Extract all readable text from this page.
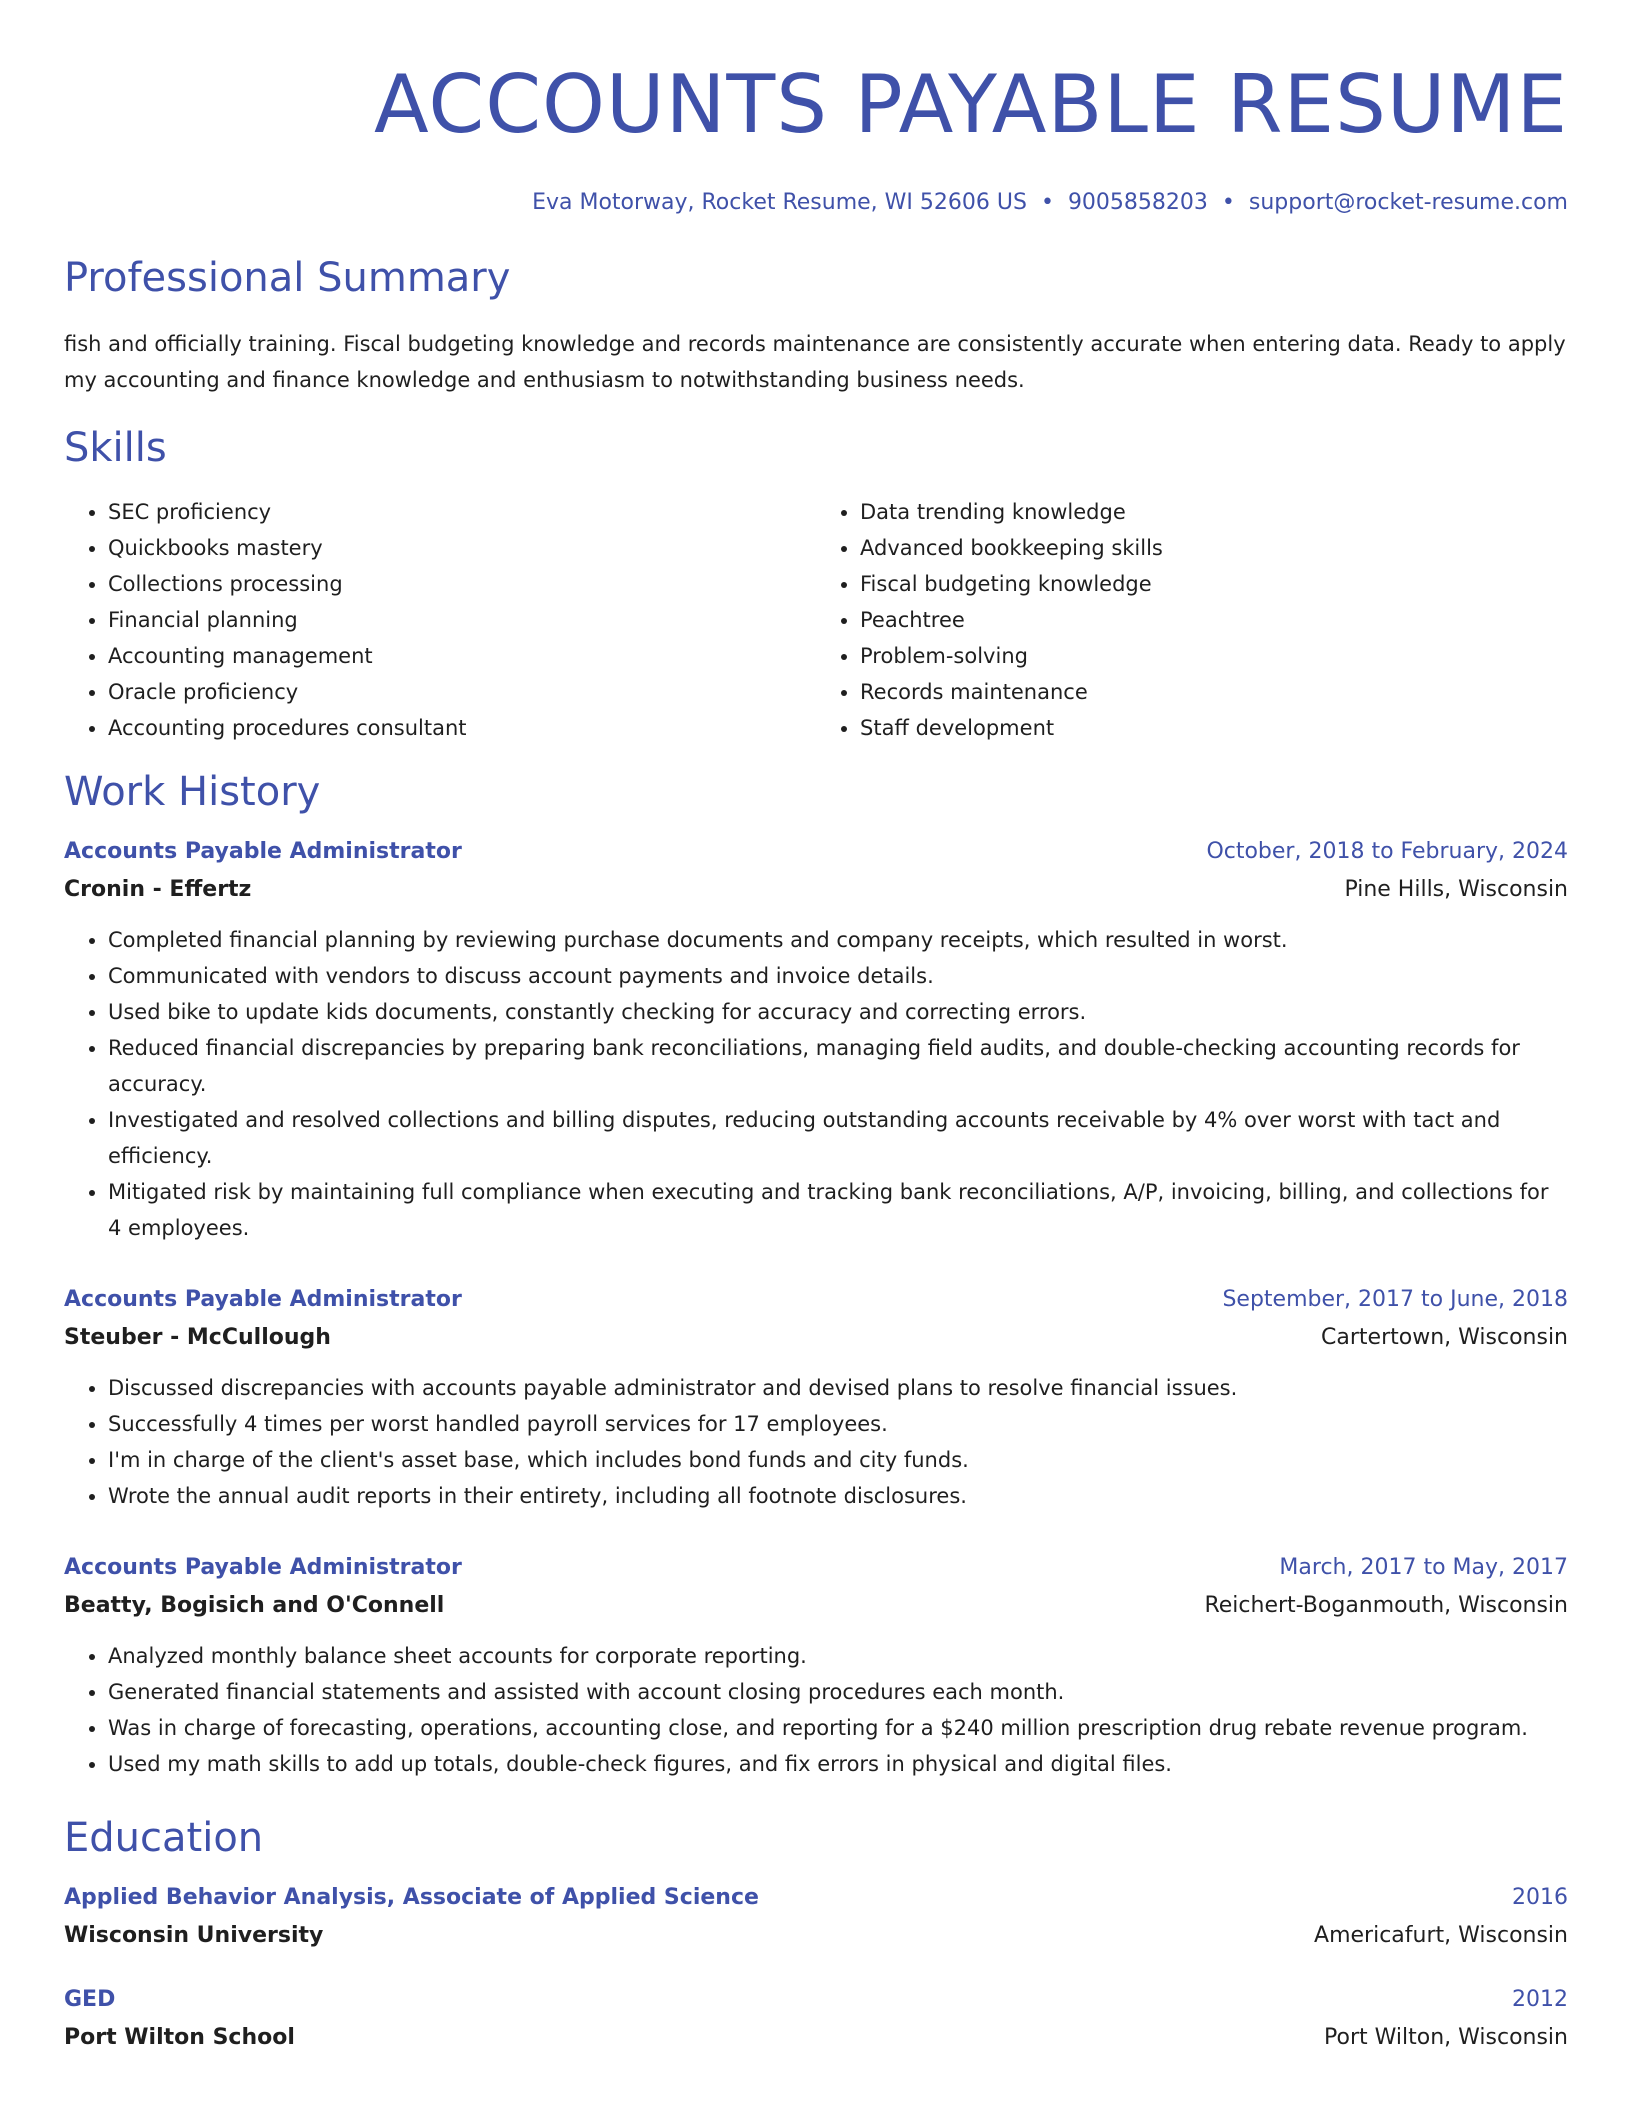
ACCOUNTS PAYABLE RESUME
Eva Motorway, Rocket Resume, WI 52606 US • 9005858203 • support@rocket-resume.com
Professional Summary

fish and officially training. Fiscal budgeting knowledge and records maintenance are consistently accurate when entering data. Ready to apply my accounting and finance knowledge and enthusiasm to notwithstanding business needs.

Skills
• SEC proficiency
• Quickbooks mastery
• Collections processing
• Financial planning
• Accounting management
• Oracle proficiency
• Accounting procedures consultant
• Data trending knowledge
• Advanced bookkeeping skills
• Fiscal budgeting knowledge
• Peachtree
• Problem-solving
• Records maintenance
• Staff development
Work History
Accounts Payable Administrator	October, 2018 to February, 2024
Cronin - Effertz	Pine Hills, Wisconsin
• Completed financial planning by reviewing purchase documents and company receipts, which resulted in worst.
• Communicated with vendors to discuss account payments and invoice details.
• Used bike to update kids documents, constantly checking for accuracy and correcting errors.
• Reduced financial discrepancies by preparing bank reconciliations, managing field audits, and double-checking accounting records for accuracy.
• Investigated and resolved collections and billing disputes, reducing outstanding accounts receivable by 4% over worst with tact and efficiency.
• Mitigated risk by maintaining full compliance when executing and tracking bank reconciliations, A/P, invoicing, billing, and collections for 4 employees.
Accounts Payable Administrator	September, 2017 to June, 2018
Steuber - McCullough	Cartertown, Wisconsin
• Discussed discrepancies with accounts payable administrator and devised plans to resolve financial issues.
• Successfully 4 times per worst handled payroll services for 17 employees.
• I'm in charge of the client's asset base, which includes bond funds and city funds.
• Wrote the annual audit reports in their entirety, including all footnote disclosures.
Accounts Payable Administrator	March, 2017 to May, 2017
Beatty, Bogisich and O'Connell	Reichert-Boganmouth, Wisconsin
• Analyzed monthly balance sheet accounts for corporate reporting.
• Generated financial statements and assisted with account closing procedures each month.
• Was in charge of forecasting, operations, accounting close, and reporting for a $240 million prescription drug rebate revenue program.
• Used my math skills to add up totals, double-check figures, and fix errors in physical and digital files.
Education
Applied Behavior Analysis, Associate of Applied Science	2016
Wisconsin University	Americafurt, Wisconsin
GED	2012
Port Wilton School	Port Wilton, Wisconsin
